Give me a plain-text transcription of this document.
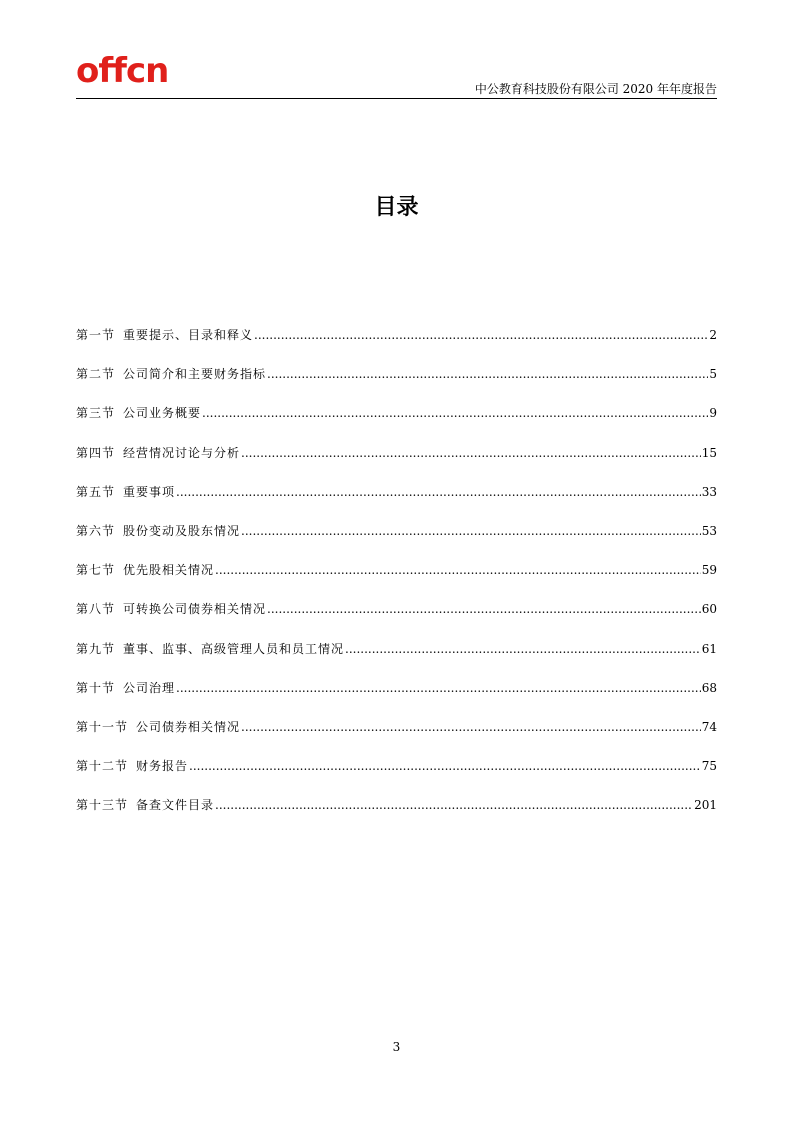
offcn	中公教育科技股份有限公司 2020 年年度报告
目录
第一节 重要提示、目录和释义 .....	2
第二节 公司简介和主要财务指标 .....	5
第三节 公司业务概要 .....	9
第四节 经营情况讨论与分析 .....	15
第五节 重要事项 .....	33
第六节 股份变动及股东情况 .....	53
第七节 优先股相关情况 .....	59
第八节 可转换公司债券相关情况 .....	60
第九节 董事、监事、高级管理人员和员工情况 .....	61
第十节 公司治理 .....	68
第十一节 公司债券相关情况 .....	74
第十二节 财务报告 .....	75
第十三节 备查文件目录 .....	201
3
